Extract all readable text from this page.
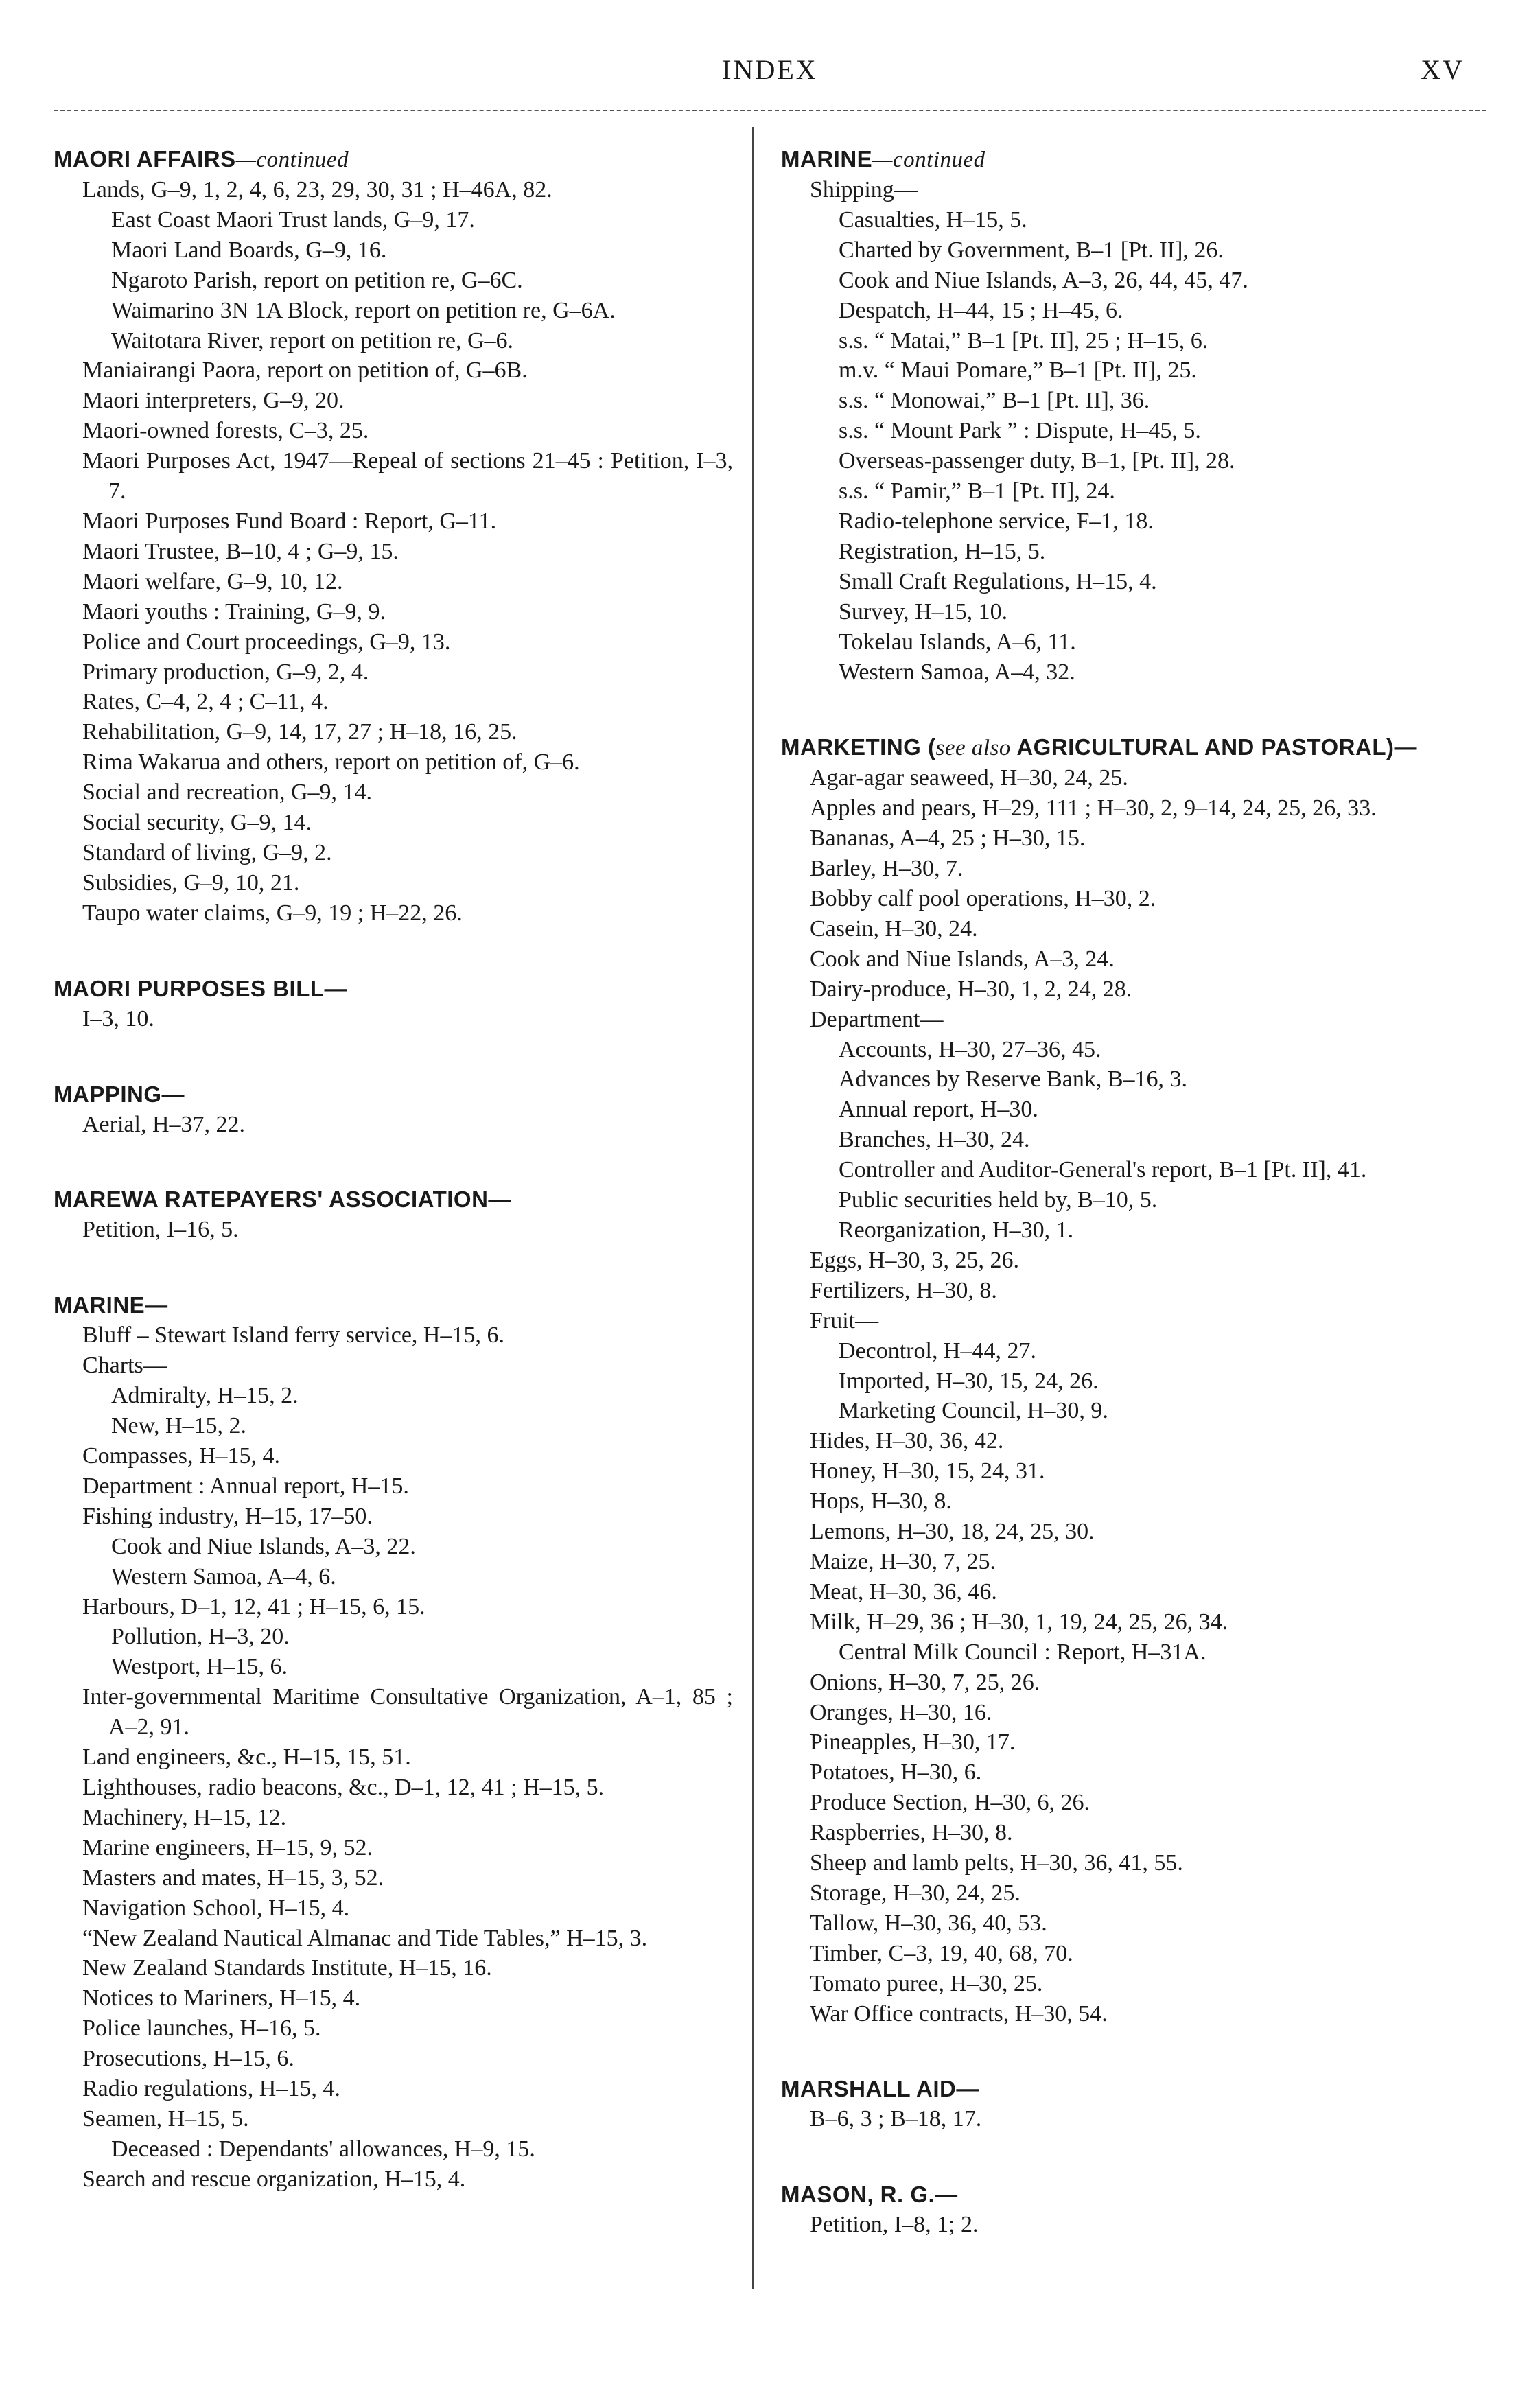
INDEX	XV
MAORI AFFAIRS—continued
Lands, G–9, 1, 2, 4, 6, 23, 29, 30, 31 ; H–46A, 82.
East Coast Maori Trust lands, G–9, 17.
Maori Land Boards, G–9, 16.
Ngaroto Parish, report on petition re, G–6C.
Waimarino 3N 1A Block, report on petition re, G–6A.
Waitotara River, report on petition re, G–6.
Maniairangi Paora, report on petition of, G–6B.
Maori interpreters, G–9, 20.
Maori-owned forests, C–3, 25.
Maori Purposes Act, 1947—Repeal of sections 21–45 : Petition, I–3, 7.
Maori Purposes Fund Board : Report, G–11.
Maori Trustee, B–10, 4 ; G–9, 15.
Maori welfare, G–9, 10, 12.
Maori youths : Training, G–9, 9.
Police and Court proceedings, G–9, 13.
Primary production, G–9, 2, 4.
Rates, C–4, 2, 4 ; C–11, 4.
Rehabilitation, G–9, 14, 17, 27 ; H–18, 16, 25.
Rima Wakarua and others, report on petition of, G–6.
Social and recreation, G–9, 14.
Social security, G–9, 14.
Standard of living, G–9, 2.
Subsidies, G–9, 10, 21.
Taupo water claims, G–9, 19 ; H–22, 26.
MAORI PURPOSES BILL—
I–3, 10.
MAPPING—
Aerial, H–37, 22.
MAREWA RATEPAYERS' ASSOCIATION—
Petition, I–16, 5.
MARINE—
Bluff – Stewart Island ferry service, H–15, 6.
Charts—
Admiralty, H–15, 2.
New, H–15, 2.
Compasses, H–15, 4.
Department : Annual report, H–15.
Fishing industry, H–15, 17–50.
Cook and Niue Islands, A–3, 22.
Western Samoa, A–4, 6.
Harbours, D–1, 12, 41 ; H–15, 6, 15.
Pollution, H–3, 20.
Westport, H–15, 6.
Inter-governmental Maritime Consultative Organization, A–1, 85 ; A–2, 91.
Land engineers, &c., H–15, 15, 51.
Lighthouses, radio beacons, &c., D–1, 12, 41 ; H–15, 5.
Machinery, H–15, 12.
Marine engineers, H–15, 9, 52.
Masters and mates, H–15, 3, 52.
Navigation School, H–15, 4.
“New Zealand Nautical Almanac and Tide Tables,” H–15, 3.
New Zealand Standards Institute, H–15, 16.
Notices to Mariners, H–15, 4.
Police launches, H–16, 5.
Prosecutions, H–15, 6.
Radio regulations, H–15, 4.
Seamen, H–15, 5.
Deceased : Dependants' allowances, H–9, 15.
Search and rescue organization, H–15, 4.
MARINE—continued
Shipping—
Casualties, H–15, 5.
Charted by Government, B–1 [Pt. II], 26.
Cook and Niue Islands, A–3, 26, 44, 45, 47.
Despatch, H–44, 15 ; H–45, 6.
s.s. “ Matai,” B–1 [Pt. II], 25 ; H–15, 6.
m.v. “ Maui Pomare,” B–1 [Pt. II], 25.
s.s. “ Monowai,” B–1 [Pt. II], 36.
s.s. “ Mount Park ” : Dispute, H–45, 5.
Overseas-passenger duty, B–1, [Pt. II], 28.
s.s. “ Pamir,” B–1 [Pt. II], 24.
Radio-telephone service, F–1, 18.
Registration, H–15, 5.
Small Craft Regulations, H–15, 4.
Survey, H–15, 10.
Tokelau Islands, A–6, 11.
Western Samoa, A–4, 32.
MARKETING (see also AGRICULTURAL AND PASTORAL)—
Agar-agar seaweed, H–30, 24, 25.
Apples and pears, H–29, 111 ; H–30, 2, 9–14, 24, 25, 26, 33.
Bananas, A–4, 25 ; H–30, 15.
Barley, H–30, 7.
Bobby calf pool operations, H–30, 2.
Casein, H–30, 24.
Cook and Niue Islands, A–3, 24.
Dairy-produce, H–30, 1, 2, 24, 28.
Department—
Accounts, H–30, 27–36, 45.
Advances by Reserve Bank, B–16, 3.
Annual report, H–30.
Branches, H–30, 24.
Controller and Auditor-General's report, B–1 [Pt. II], 41.
Public securities held by, B–10, 5.
Reorganization, H–30, 1.
Eggs, H–30, 3, 25, 26.
Fertilizers, H–30, 8.
Fruit—
Decontrol, H–44, 27.
Imported, H–30, 15, 24, 26.
Marketing Council, H–30, 9.
Hides, H–30, 36, 42.
Honey, H–30, 15, 24, 31.
Hops, H–30, 8.
Lemons, H–30, 18, 24, 25, 30.
Maize, H–30, 7, 25.
Meat, H–30, 36, 46.
Milk, H–29, 36 ; H–30, 1, 19, 24, 25, 26, 34.
Central Milk Council : Report, H–31A.
Onions, H–30, 7, 25, 26.
Oranges, H–30, 16.
Pineapples, H–30, 17.
Potatoes, H–30, 6.
Produce Section, H–30, 6, 26.
Raspberries, H–30, 8.
Sheep and lamb pelts, H–30, 36, 41, 55.
Storage, H–30, 24, 25.
Tallow, H–30, 36, 40, 53.
Timber, C–3, 19, 40, 68, 70.
Tomato puree, H–30, 25.
War Office contracts, H–30, 54.
MARSHALL AID—
B–6, 3 ; B–18, 17.
MASON, R. G.—
Petition, I–8, 1; 2.
